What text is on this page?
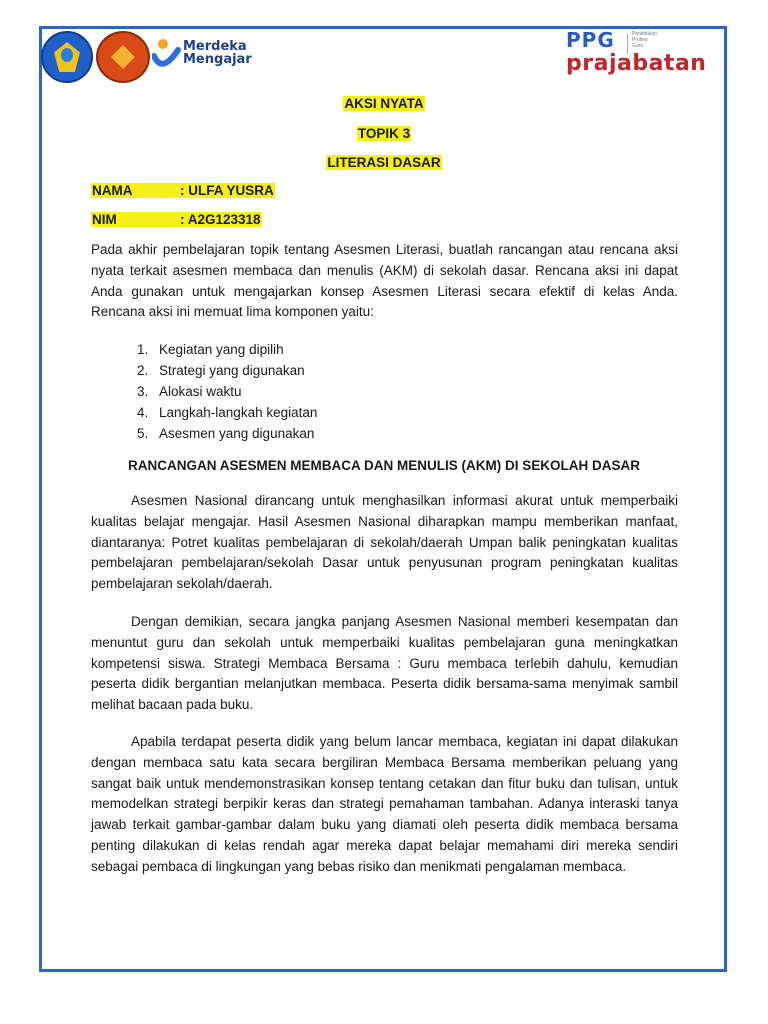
Merdeka
Mengajar
PPG	Pendidikan
Profesi
Guru
prajabatan
AKSI NYATA
TOPIK 3
LITERASI DASAR
NAMA	: ULFA YUSRA
NIM	: A2G123318
Pada akhir pembelajaran topik tentang Asesmen Literasi, buatlah rancangan atau rencana aksi nyata terkait asesmen membaca dan menulis (AKM) di sekolah dasar. Rencana aksi ini dapat Anda gunakan untuk mengajarkan konsep Asesmen Literasi secara efektif di kelas Anda. Rencana aksi ini memuat lima komponen yaitu:
1. Kegiatan yang dipilih
2. Strategi yang digunakan
3. Alokasi waktu
4. Langkah-langkah kegiatan
5. Asesmen yang digunakan
RANCANGAN ASESMEN MEMBACA DAN MENULIS (AKM) DI SEKOLAH DASAR
Asesmen Nasional dirancang untuk menghasilkan informasi akurat untuk memperbaiki kualitas belajar mengajar. Hasil Asesmen Nasional diharapkan mampu memberikan manfaat, diantaranya: Potret kualitas pembelajaran di sekolah/daerah Umpan balik peningkatan kualitas pembelajaran pembelajaran/sekolah Dasar untuk penyusunan program peningkatan kualitas pembelajaran sekolah/daerah.
Dengan demikian, secara jangka panjang Asesmen Nasional memberi kesempatan dan menuntut guru dan sekolah untuk memperbaiki kualitas pembelajaran guna meningkatkan kompetensi siswa. Strategi Membaca Bersama : Guru membaca terlebih dahulu, kemudian peserta didik bergantian melanjutkan membaca. Peserta didik bersama-sama menyimak sambil melihat bacaan pada buku.
Apabila terdapat peserta didik yang belum lancar membaca, kegiatan ini dapat dilakukan dengan membaca satu kata secara bergiliran Membaca Bersama memberikan peluang yang sangat baik untuk mendemonstrasikan konsep tentang cetakan dan fitur buku dan tulisan, untuk memodelkan strategi berpikir keras dan strategi pemahaman tambahan. Adanya interaski tanya jawab terkait gambar-gambar dalam buku yang diamati oleh peserta didik membaca bersama penting dilakukan di kelas rendah agar mereka dapat belajar memahami diri mereka sendiri sebagai pembaca di lingkungan yang bebas risiko dan menikmati pengalaman membaca.
